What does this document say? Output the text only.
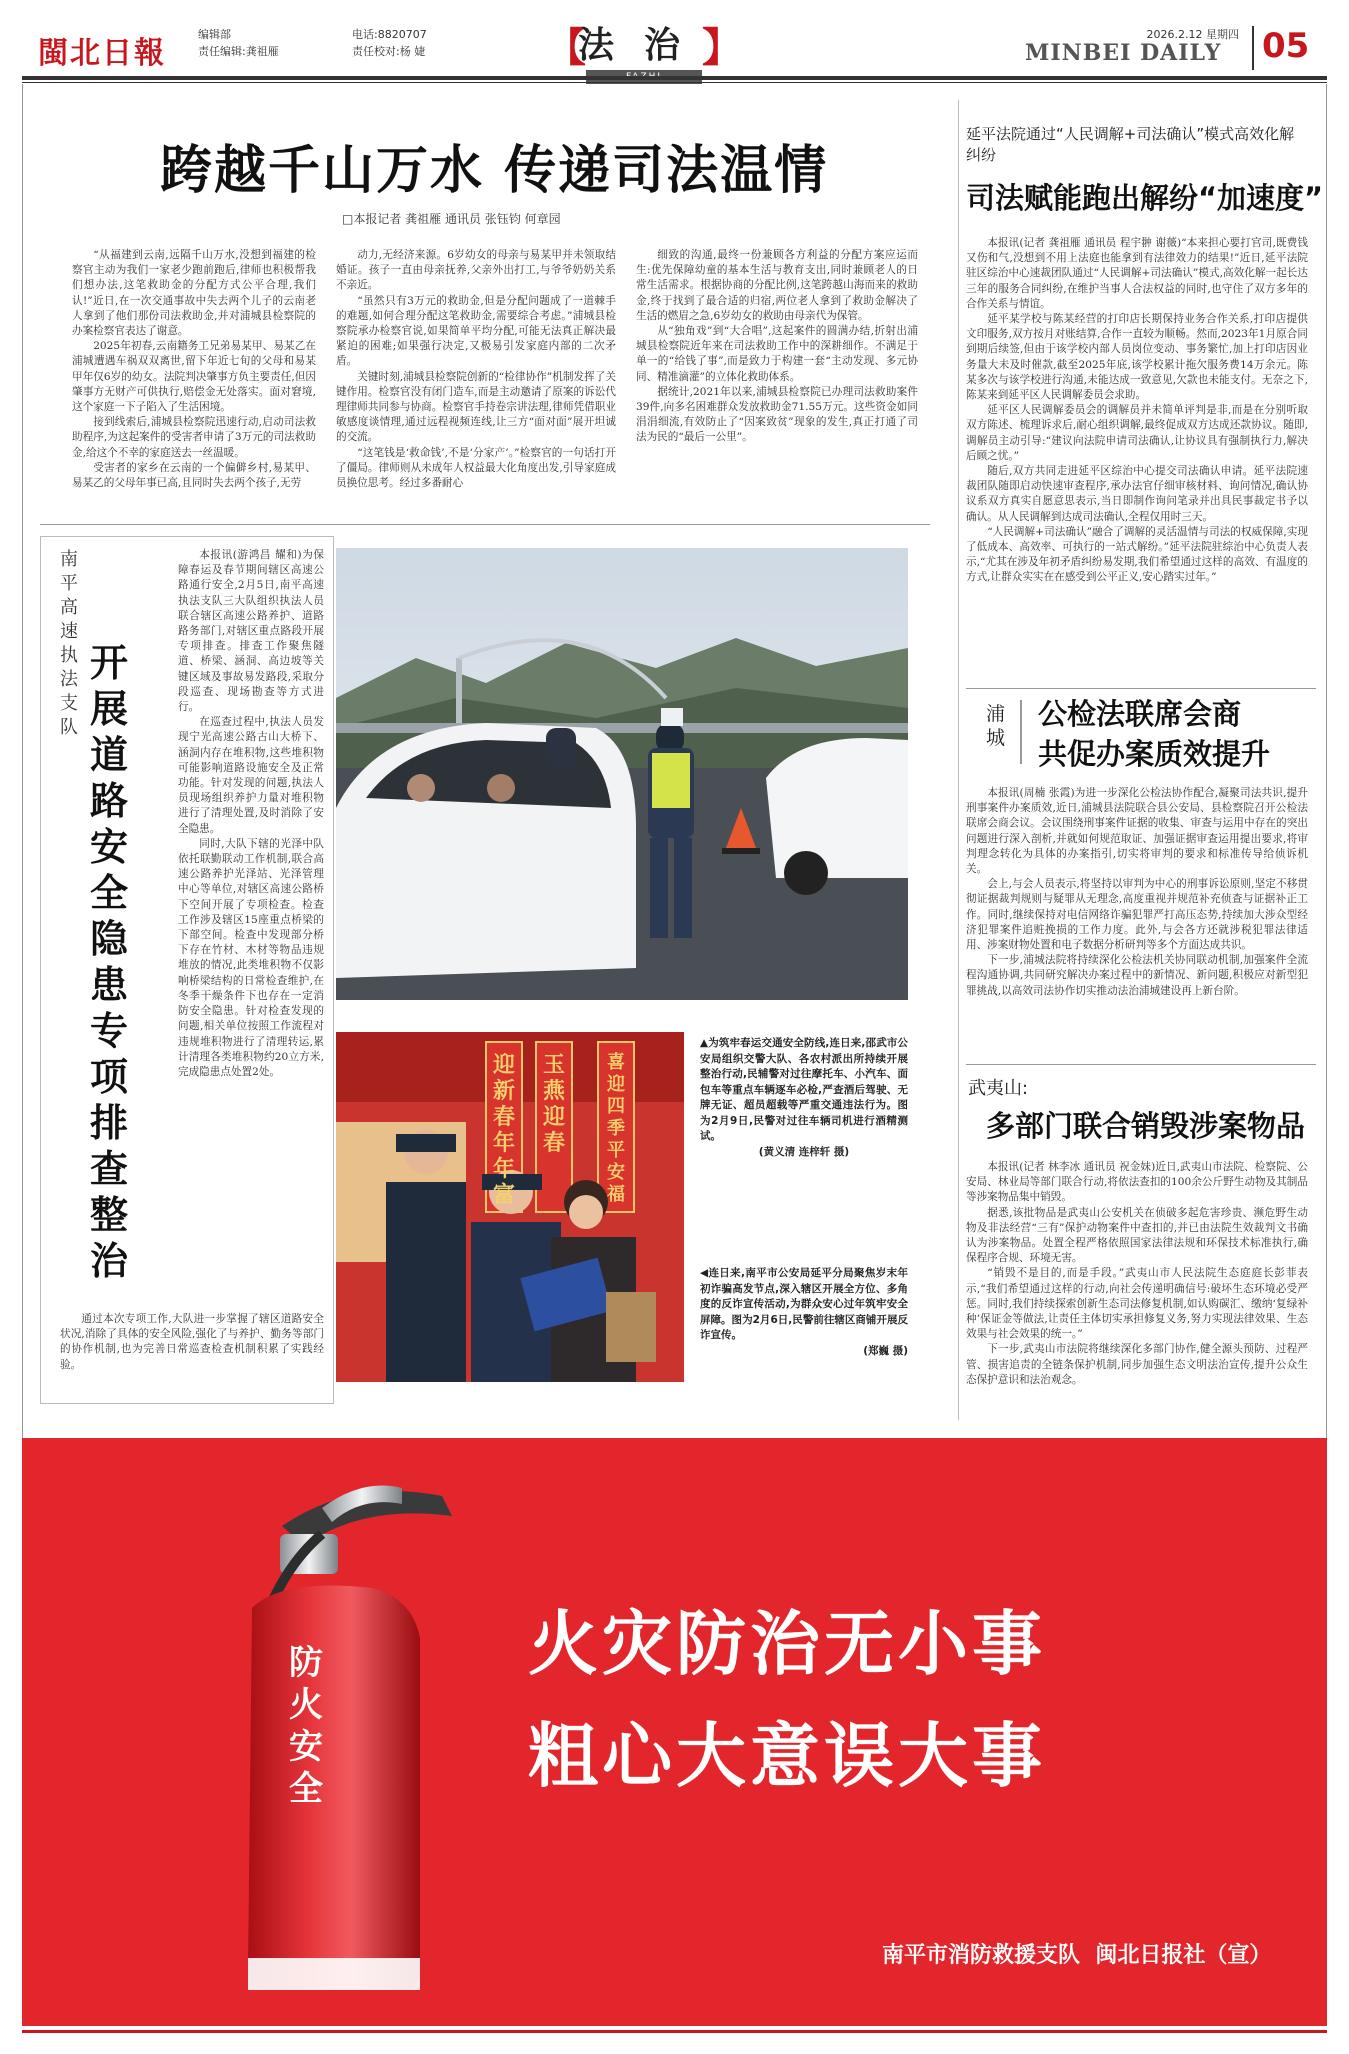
閩北日報
编辑部
责任编辑:龚祖雁
电话:8820707
责任校对:杨 婕	【
法治
】	2026.2.12 星期四
MINBEI DAILY 05
跨越千山万水 传递司法温情
□本报记者 龚祖雁 通讯员 张钰钧 何章园

“从福建到云南,远隔千山万水,没想到福建的检察官主动为我们一家老少跑前跑后,律师也积极帮我们想办法,这笔救助金的分配方式公平合理,我们认!”近日,在一次交通事故中失去两个儿子的云南老人拿到了他们那份司法救助金,并对浦城县检察院的办案检察官表达了谢意。

2025年初春,云南籍务工兄弟易某甲、易某乙在浦城遭遇车祸双双离世,留下年近七旬的父母和易某甲年仅6岁的幼女。法院判决肇事方负主要责任,但因肇事方无财产可供执行,赔偿金无处落实。面对窘境,这个家庭一下子陷入了生活困境。

接到线索后,浦城县检察院迅速行动,启动司法救助程序,为这起案件的受害者申请了3万元的司法救助金,给这个不幸的家庭送去一丝温暖。

受害者的家乡在云南的一个偏僻乡村,易某甲、易某乙的父母年事已高,且同时失去两个孩子,无劳

动力,无经济来源。6岁幼女的母亲与易某甲并未领取结婚证。孩子一直由母亲抚养,父亲外出打工,与爷爷奶奶关系不亲近。

“虽然只有3万元的救助金,但是分配问题成了一道棘手的难题,如何合理分配这笔救助金,需要综合考虑。”浦城县检察院承办检察官说,如果简单平均分配,可能无法真正解决最紧迫的困难;如果强行决定,又极易引发家庭内部的二次矛盾。

关键时刻,浦城县检察院创新的“检律协作”机制发挥了关键作用。检察官没有闭门造车,而是主动邀请了原案的诉讼代理律师共同参与协商。检察官手持卷宗讲法理,律师凭借职业敏感度谈情理,通过远程视频连线,让三方“面对面”展开坦诚的交流。

“这笔钱是‘救命钱’,不是‘分家产’。”检察官的一句话打开了僵局。律师则从未成年人权益最大化角度出发,引导家庭成员换位思考。经过多番耐心

细致的沟通,最终一份兼顾各方利益的分配方案应运而生:优先保障幼童的基本生活与教育支出,同时兼顾老人的日常生活需求。根据协商的分配比例,这笔跨越山海而来的救助金,终于找到了最合适的归宿,两位老人拿到了救助金解决了生活的燃眉之急,6岁幼女的救助由母亲代为保管。

从“独角戏”到“大合唱”,这起案件的圆满办结,折射出浦城县检察院近年来在司法救助工作中的深耕细作。不满足于单一的“给钱了事”,而是致力于构建一套“主动发现、多元协同、精准滴灌”的立体化救助体系。

据统计,2021年以来,浦城县检察院已办理司法救助案件39件,向多名困难群众发放救助金71.55万元。这些资金如同涓涓细流,有效防止了“因案致贫”现象的发生,真正打通了司法为民的“最后一公里”。

延平法院通过“人民调解+司法确认”模式高效化解纠纷
司法赋能跑出解纷“加速度”

本报讯(记者 龚祖雁 通讯员 程宇翀 谢薇)“本来担心要打官司,既费钱又伤和气,没想到不用上法庭也能拿到有法律效力的结果!”近日,延平法院驻区综治中心速裁团队通过“人民调解+司法确认”模式,高效化解一起长达三年的服务合同纠纷,在维护当事人合法权益的同时,也守住了双方多年的合作关系与情谊。

延平某学校与陈某经营的打印店长期保持业务合作关系,打印店提供文印服务,双方按月对账结算,合作一直较为顺畅。然而,2023年1月原合同到期后续签,但由于该学校内部人员岗位变动、事务繁忙,加上打印店因业务量大未及时催款,截至2025年底,该学校累计拖欠服务费14万余元。陈某多次与该学校进行沟通,未能达成一致意见,欠款也未能支付。无奈之下,陈某来到延平区人民调解委员会求助。

延平区人民调解委员会的调解员并未简单评判是非,而是在分别听取双方陈述、梳理诉求后,耐心组织调解,最终促成双方达成还款协议。随即,调解员主动引导:“建议向法院申请司法确认,让协议具有强制执行力,解决后顾之忧。”

随后,双方共同走进延平区综治中心提交司法确认申请。延平法院速裁团队随即启动快速审查程序,承办法官仔细审核材料、询问情况,确认协议系双方真实自愿意思表示,当日即制作询问笔录并出具民事裁定书予以确认。从人民调解到达成司法确认,全程仅用时三天。

“人民调解+司法确认”融合了调解的灵活温情与司法的权威保障,实现了低成本、高效率、可执行的一站式解纷。”延平法院驻综治中心负责人表示,“尤其在涉及年初矛盾纠纷易发期,我们希望通过这样的高效、有温度的方式,让群众实实在在感受到公平正义,安心踏实过年。”

南平高速执法支队
开展道路安全隐患专项排查整治

本报讯(游鸿昌 耀和)为保障春运及春节期间辖区高速公路通行安全,2月5日,南平高速执法支队三大队组织执法人员联合辖区高速公路养护、道路路务部门,对辖区重点路段开展专项排查。排查工作聚焦隧道、桥梁、涵洞、高边坡等关键区域及事故易发路段,采取分段巡查、现场勘查等方式进行。

在巡查过程中,执法人员发现宁光高速公路古山大桥下、涵洞内存在堆积物,这些堆积物可能影响道路设施安全及正常功能。针对发现的问题,执法人员现场组织养护力量对堆积物进行了清理处置,及时消除了安全隐患。

同时,大队下辖的光泽中队依托联勤联动工作机制,联合高速公路养护光泽站、光泽管理中心等单位,对辖区高速公路桥下空间开展了专项检查。检查工作涉及辖区15座重点桥梁的下部空间。检查中发现部分桥下存在竹材、木材等物品违规堆放的情况,此类堆积物不仅影响桥梁结构的日常检查维护,在冬季干燥条件下也存在一定消防安全隐患。针对检查发现的问题,相关单位按照工作流程对违规堆积物进行了清理转运,累计清理各类堆积物约20立方米,完成隐患点处置2处。

通过本次专项工作,大队进一步掌握了辖区道路安全状况,消除了具体的安全风险,强化了与养护、勤务等部门的协作机制,也为完善日常巡查检查机制积累了实践经验。

迎新春年年富
玉燕迎春
喜迎四季平安福
▲为筑牢春运交通安全防线,连日来,邵武市公安局组织交警大队、各农村派出所持续开展整治行动,民辅警对过往摩托车、小汽车、面包车等重点车辆逐车必检,严查酒后驾驶、无牌无证、超员超载等严重交通违法行为。图为2月9日,民警对过往车辆司机进行酒精测试。
(黄义清 连梓轩 摄)
◀连日来,南平市公安局延平分局聚焦岁末年初诈骗高发节点,深入辖区开展全方位、多角度的反诈宣传活动,为群众安心过年筑牢安全屏障。图为2月6日,民警前往辖区商铺开展反诈宣传。
(郑巍 摄)
浦城
公检法联席会商
共促办案质效提升

本报讯(周楠 张霞)为进一步深化公检法协作配合,凝聚司法共识,提升刑事案件办案质效,近日,浦城县法院联合县公安局、县检察院召开公检法联席会商会议。会议围绕刑事案件证据的收集、审查与运用中存在的突出问题进行深入剖析,并就如何规范取证、加强证据审查运用提出要求,将审判理念转化为具体的办案指引,切实将审判的要求和标准传导给侦诉机关。

会上,与会人员表示,将坚持以审判为中心的刑事诉讼原则,坚定不移贯彻证据裁判规则与疑罪从无理念,高度重视并规范补充侦查与证据补正工作。同时,继续保持对电信网络诈骗犯罪严打高压态势,持续加大涉众型经济犯罪案件追赃挽损的工作力度。此外,与会各方还就涉税犯罪法律适用、涉案财物处置和电子数据分析研判等多个方面达成共识。

下一步,浦城法院将持续深化公检法机关协同联动机制,加强案件全流程沟通协调,共同研究解决办案过程中的新情况、新问题,积极应对新型犯罪挑战,以高效司法协作切实推动法治浦城建设再上新台阶。

武夷山:
多部门联合销毁涉案物品

本报讯(记者 林李冰 通讯员 祝金妹)近日,武夷山市法院、检察院、公安局、林业局等部门联合行动,将依法查扣的100余公斤野生动物及其制品等涉案物品集中销毁。

据悉,该批物品是武夷山公安机关在侦破多起危害珍贵、濒危野生动物及非法经营“三有”保护动物案件中查扣的,并已由法院生效裁判文书确认为涉案物品。处置全程严格依照国家法律法规和环保技术标准执行,确保程序合规、环境无害。

“销毁不是目的,而是手段。”武夷山市人民法院生态庭庭长彭菲表示,“我们希望通过这样的行动,向社会传递明确信号:破坏生态环境必受严惩。同时,我们持续探索创新生态司法修复机制,如认购碳汇、缴纳‘复绿补种’保证金等做法,让责任主体切实承担修复义务,努力实现法律效果、生态效果与社会效果的统一。”

下一步,武夷山市法院将继续深化多部门协作,健全源头预防、过程严管、损害追责的全链条保护机制,同步加强生态文明法治宣传,提升公众生态保护意识和法治观念。

防火安全
火灾防治无小事
粗心大意误大事
南平市消防救援支队  闽北日报社（宣）
